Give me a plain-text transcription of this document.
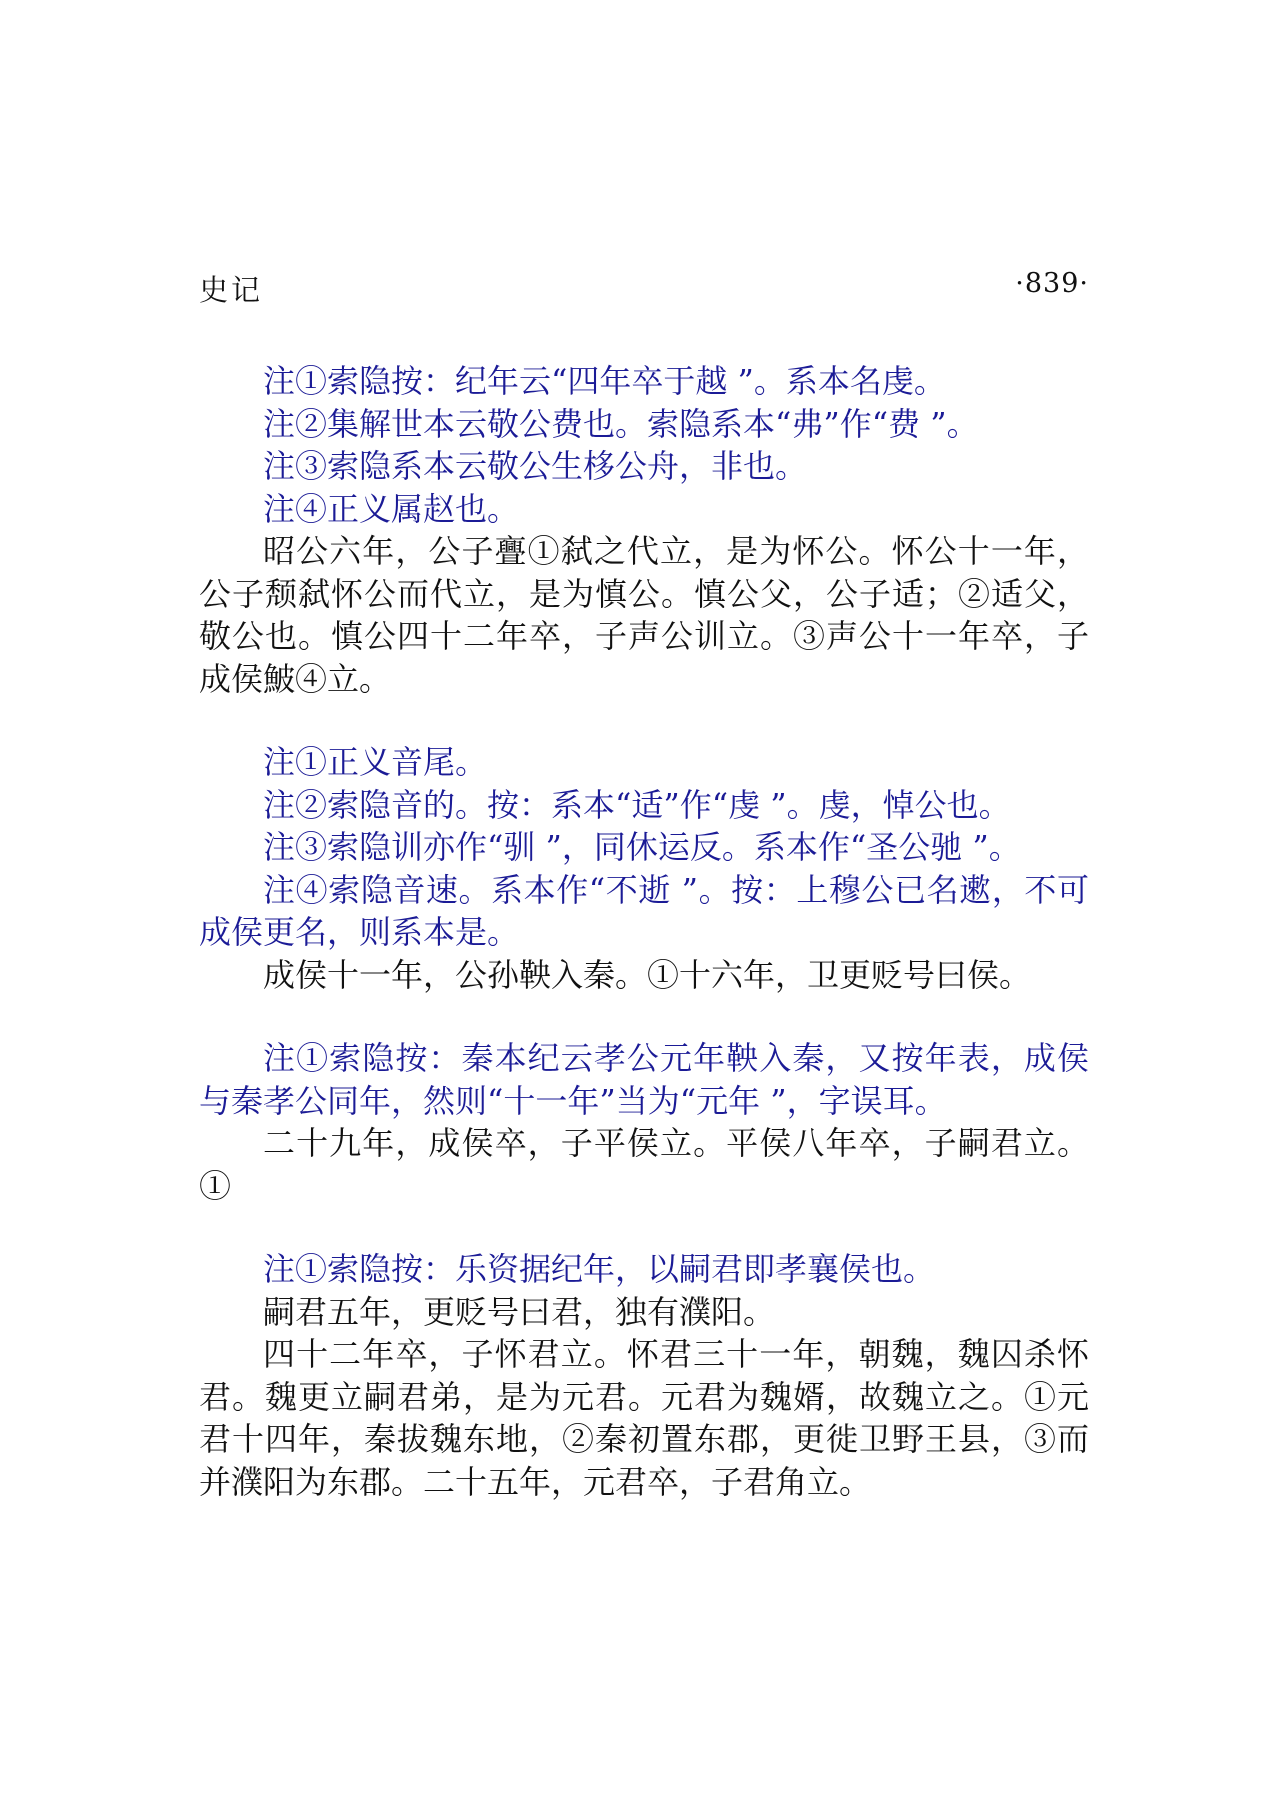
史记	·839·

注①索隐按：纪年云“四年卒于越 ”。系本名虔。

注②集解世本云敬公费也。索隐系本“弗”作“费 ”。

注③索隐系本云敬公生栘公舟，非也。

注④正义属赵也。

昭公六年，公子亹①弑之代立，是为怀公。怀公十一年，公子颓弑怀公而代立，是为慎公。慎公父，公子适；②适父，敬公也。慎公四十二年卒，子声公训立。③声公十一年卒，子成侯鮍④立。

注①正义音尾。

注②索隐音的。按：系本“适”作“虔 ”。虔，悼公也。

注③索隐训亦作“驯 ”，同休运反。系本作“圣公驰 ”。

注④索隐音速。系本作“不逝 ”。按：上穆公已名遬，不可成侯更名，则系本是。

成侯十一年，公孙鞅入秦。①十六年，卫更贬号曰侯。

注①索隐按：秦本纪云孝公元年鞅入秦，又按年表，成侯与秦孝公同年，然则“十一年”当为“元年 ”，字误耳。

二十九年，成侯卒，子平侯立。平侯八年卒，子嗣君立。①

注①索隐按：乐资据纪年，以嗣君即孝襄侯也。

嗣君五年，更贬号曰君，独有濮阳。

四十二年卒，子怀君立。怀君三十一年，朝魏，魏囚杀怀君。魏更立嗣君弟，是为元君。元君为魏婿，故魏立之。①元君十四年，秦拔魏东地，②秦初置东郡，更徙卫野王县，③而并濮阳为东郡。二十五年，元君卒，子君角立。
